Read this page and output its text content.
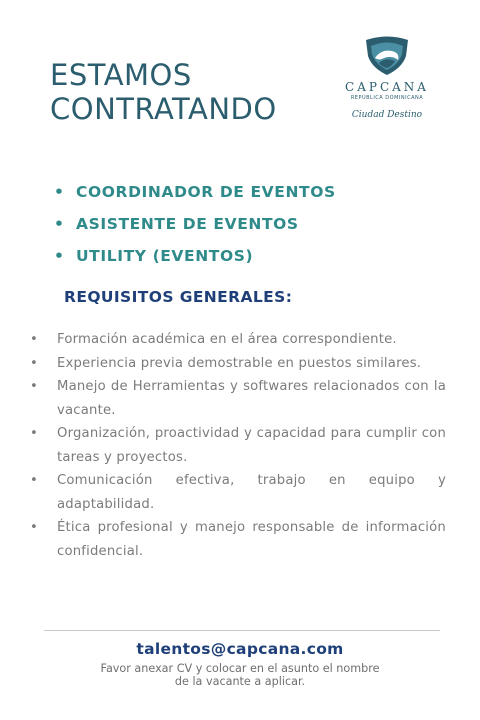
ESTAMOS
CONTRATANDO
CAPCANA
REPÚBLICA DOMINICANA
Ciudad Destino
• COORDINADOR DE EVENTOS
• ASISTENTE DE EVENTOS
• UTILITY (EVENTOS)
REQUISITOS GENERALES:
• Formación académica en el área correspondiente.
• Experiencia previa demostrable en puestos similares.
• Manejo de Herramientas y softwares relacionados con la vacante.
• Organización, proactividad y capacidad para cumplir con tareas y proyectos.
• Comunicación efectiva, trabajo en equipo y adaptabilidad.
• Ética profesional y manejo responsable de información confidencial.
talentos@capcana.com

Favor anexar CV y colocar en el asunto el nombre
de la vacante a aplicar.
